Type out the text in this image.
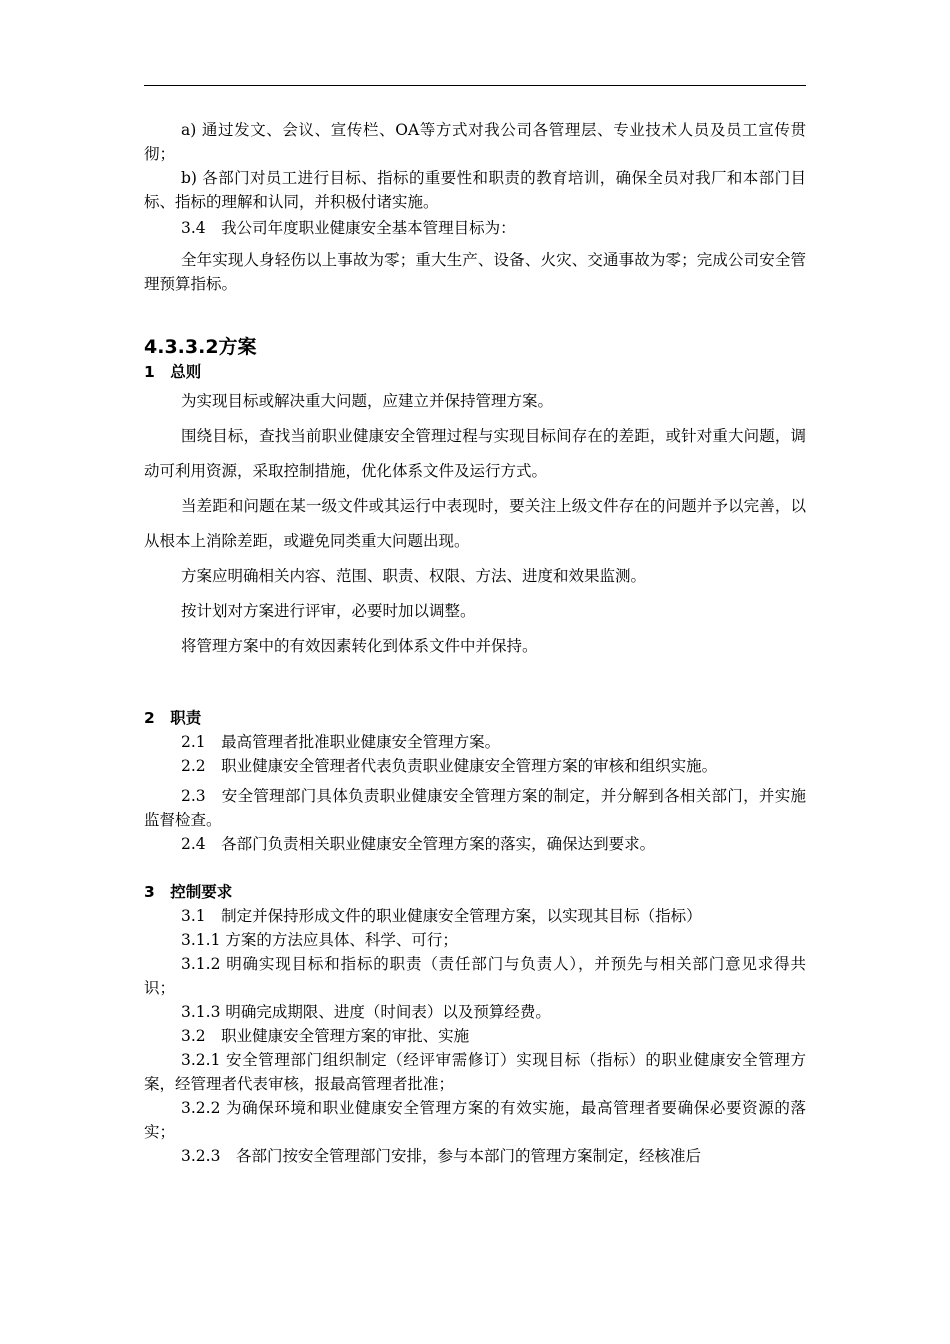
a) 通过发文、会议、宣传栏、OA等方式对我公司各管理层、专业技术人员及员工宣传贯彻；

b) 各部门对员工进行目标、指标的重要性和职责的教育培训，确保全员对我厂和本部门目标、指标的理解和认同，并积极付诸实施。

3.4　我公司年度职业健康安全基本管理目标为：

全年实现人身轻伤以上事故为零；重大生产、设备、火灾、交通事故为零；完成公司安全管理预算指标。

4.3.3.2方案
1　总则

为实现目标或解决重大问题，应建立并保持管理方案。

围绕目标，查找当前职业健康安全管理过程与实现目标间存在的差距，或针对重大问题，调动可利用资源，采取控制措施，优化体系文件及运行方式。

当差距和问题在某一级文件或其运行中表现时，要关注上级文件存在的问题并予以完善，以从根本上消除差距，或避免同类重大问题出现。

方案应明确相关内容、范围、职责、权限、方法、进度和效果监测。

按计划对方案进行评审，必要时加以调整。

将管理方案中的有效因素转化到体系文件中并保持。

2　职责

2.1　最高管理者批准职业健康安全管理方案。

2.2　职业健康安全管理者代表负责职业健康安全管理方案的审核和组织实施。

2.3　安全管理部门具体负责职业健康安全管理方案的制定，并分解到各相关部门，并实施监督检查。

2.4　各部门负责相关职业健康安全管理方案的落实，确保达到要求。

3　控制要求

3.1　制定并保持形成文件的职业健康安全管理方案，以实现其目标（指标）

3.1.1 方案的方法应具体、科学、可行；

3.1.2 明确实现目标和指标的职责（责任部门与负责人），并预先与相关部门意见求得共识；

3.1.3 明确完成期限、进度（时间表）以及预算经费。

3.2　职业健康安全管理方案的审批、实施

3.2.1 安全管理部门组织制定（经评审需修订）实现目标（指标）的职业健康安全管理方案，经管理者代表审核，报最高管理者批准；

3.2.2 为确保环境和职业健康安全管理方案的有效实施，最高管理者要确保必要资源的落实；

3.2.3　各部门按安全管理部门安排，参与本部门的管理方案制定，经核准后
